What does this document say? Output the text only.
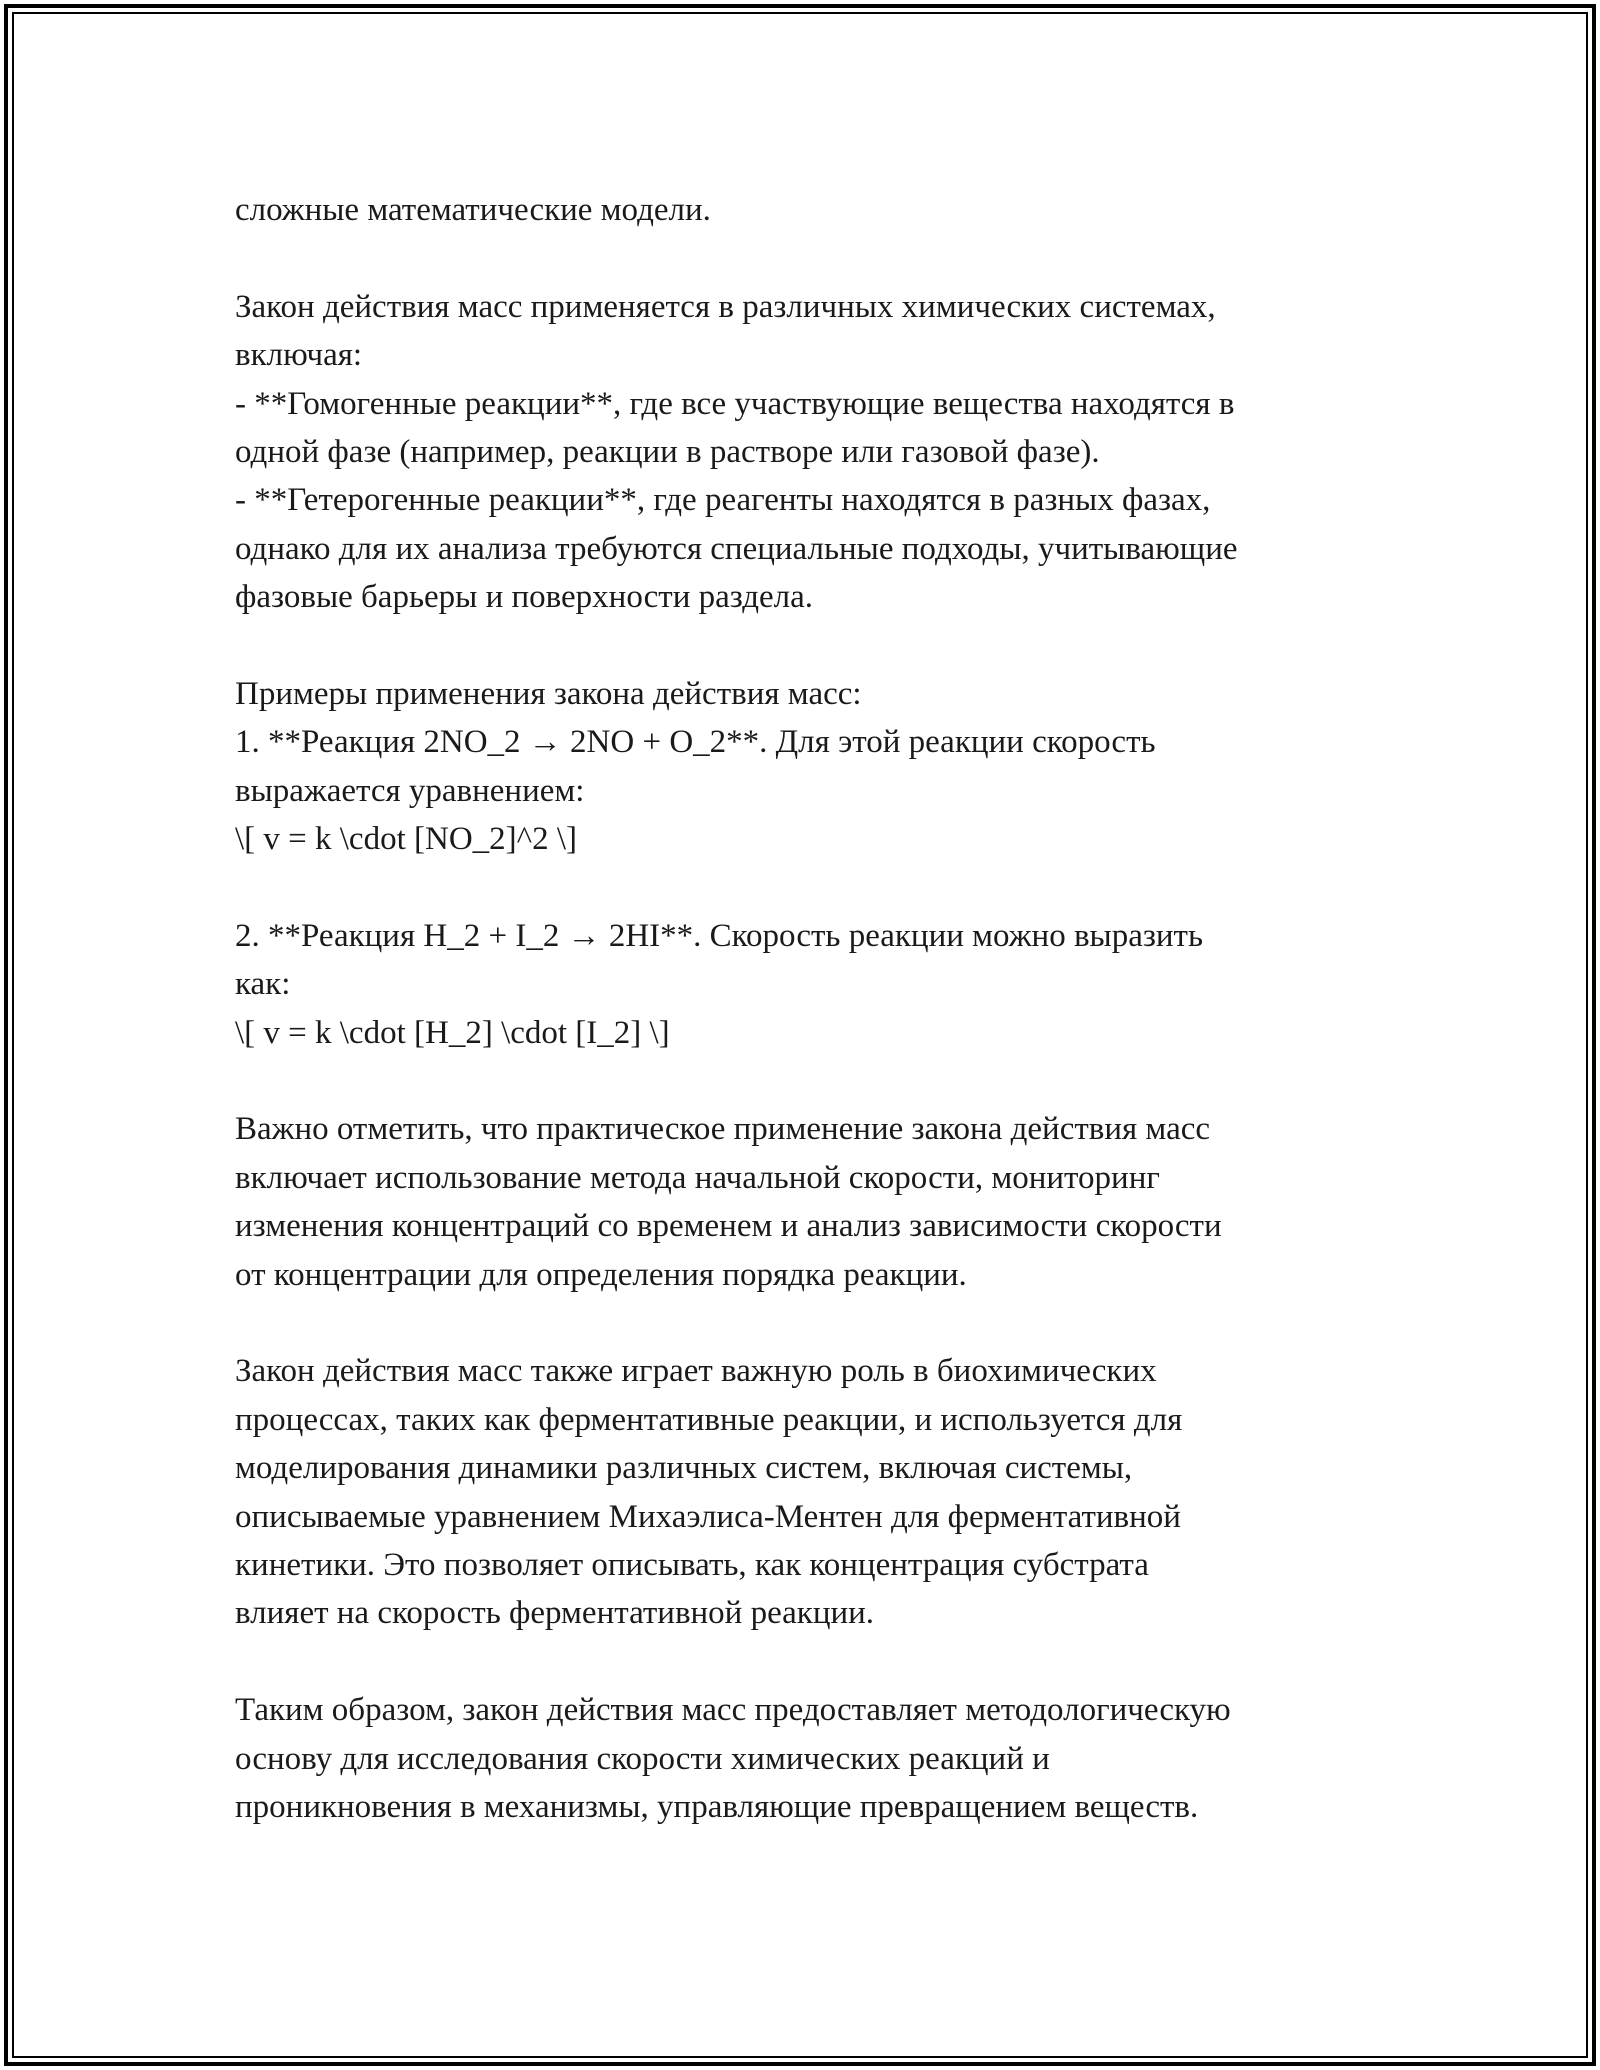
сложные математические модели.
Закон действия масс применяется в различных химических системах,
включая:
- **Гомогенные реакции**, где все участвующие вещества находятся в
одной фазе (например, реакции в растворе или газовой фазе).
- **Гетерогенные реакции**, где реагенты находятся в разных фазах,
однако для их анализа требуются специальные подходы, учитывающие
фазовые барьеры и поверхности раздела.
Примеры применения закона действия масс:
1. **Реакция 2NO_2 → 2NO + O_2**. Для этой реакции скорость
выражается уравнением:
\[ v = k \cdot [NO_2]^2 \]
2. **Реакция H_2 + I_2 → 2HI**. Скорость реакции можно выразить
как:
\[ v = k \cdot [H_2] \cdot [I_2] \]
Важно отметить, что практическое применение закона действия масс
включает использование метода начальной скорости, мониторинг
изменения концентраций со временем и анализ зависимости скорости
от концентрации для определения порядка реакции.
Закон действия масс также играет важную роль в биохимических
процессах, таких как ферментативные реакции, и используется для
моделирования динамики различных систем, включая системы,
описываемые уравнением Михаэлиса-Ментен для ферментативной
кинетики. Это позволяет описывать, как концентрация субстрата
влияет на скорость ферментативной реакции.
Таким образом, закон действия масс предоставляет методологическую
основу для исследования скорости химических реакций и
проникновения в механизмы, управляющие превращением веществ.
